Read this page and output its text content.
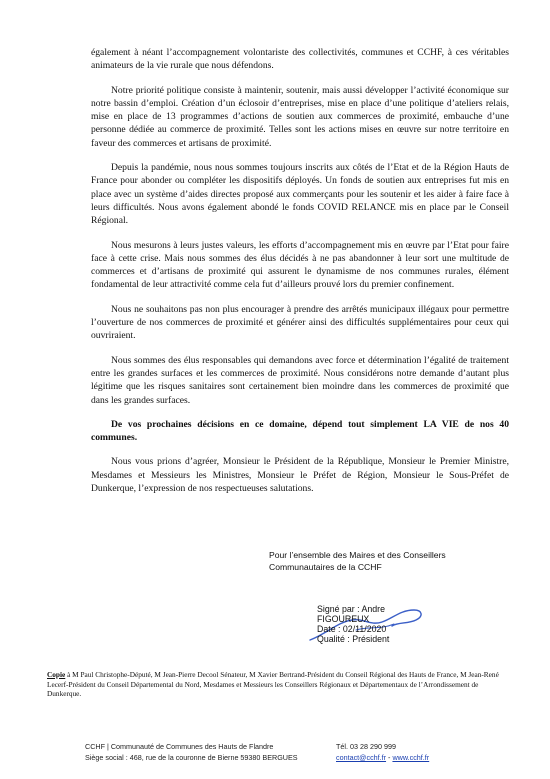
également à néant l’accompagnement volontariste des collectivités, communes et CCHF, à ces véritables animateurs de la vie rurale que nous défendons.

Notre priorité politique consiste à maintenir, soutenir, mais aussi développer l’activité économique sur notre bassin d’emploi. Création d’un éclosoir d’entreprises, mise en place d’une politique d’ateliers relais, mise en place de 13 programmes d’actions de soutien aux commerces de proximité, embauche d’une personne dédiée au commerce de proximité. Telles sont les actions mises en œuvre sur notre territoire en faveur des commerces et artisans de proximité.

Depuis la pandémie, nous nous sommes toujours inscrits aux côtés de l’Etat et de la Région Hauts de France pour abonder ou compléter les dispositifs déployés. Un fonds de soutien aux entreprises fut mis en place avec un système d’aides directes proposé aux commerçants pour les soutenir et les aider à faire face à leurs difficultés. Nous avons également abondé le fonds COVID RELANCE mis en place par le Conseil Régional.

Nous mesurons à leurs justes valeurs, les efforts d’accompagnement mis en œuvre par l’Etat pour faire face à cette crise. Mais nous sommes des élus décidés à ne pas abandonner à leur sort une multitude de commerces et d’artisans de proximité qui assurent le dynamisme de nos communes rurales, élément fondamental de leur attractivité comme cela fut d’ailleurs prouvé lors du premier confinement.

Nous ne souhaitons pas non plus encourager à prendre des arrêtés municipaux illégaux pour permettre l’ouverture de nos commerces de proximité et générer ainsi des difficultés supplémentaires pour ceux qui ouvriraient.

Nous sommes des élus responsables qui demandons avec force et détermination l’égalité de traitement entre les grandes surfaces et les commerces de proximité. Nous considérons notre demande d’autant plus légitime que les risques sanitaires sont certainement bien moindre dans les commerces de proximité que dans les grandes surfaces.

De vos prochaines décisions en ce domaine, dépend tout simplement LA VIE de nos 40 communes.

Nous vous prions d’agréer, Monsieur le Président de la République, Monsieur le Premier Ministre, Mesdames et Messieurs les Ministres, Monsieur le Préfet de Région, Monsieur le Sous-Préfet de Dunkerque, l’expression de nos respectueuses salutations.

Pour l’ensemble des Maires et des Conseillers
Communautaires de la CCHF
Signé par : Andre
FIGOUREUX
Date : 02/11/2020
Qualité : Président
Copie à M Paul Christophe-Député, M Jean-Pierre Decool Sénateur, M Xavier Bertrand-Président du Conseil Régional des Hauts de France, M Jean-René Lecerf-Président du Conseil Départemental du Nord, Mesdames et Messieurs les Conseillers Régionaux et Départementaux de l’Arrondissement de Dunkerque.
CCHF | Communauté de Communes des Hauts de Flandre	Tél. 03 28 290 999
Siège social : 468, rue de la couronne de Bierne 59380 BERGUES	contact@cchf.fr - www.cchf.fr
